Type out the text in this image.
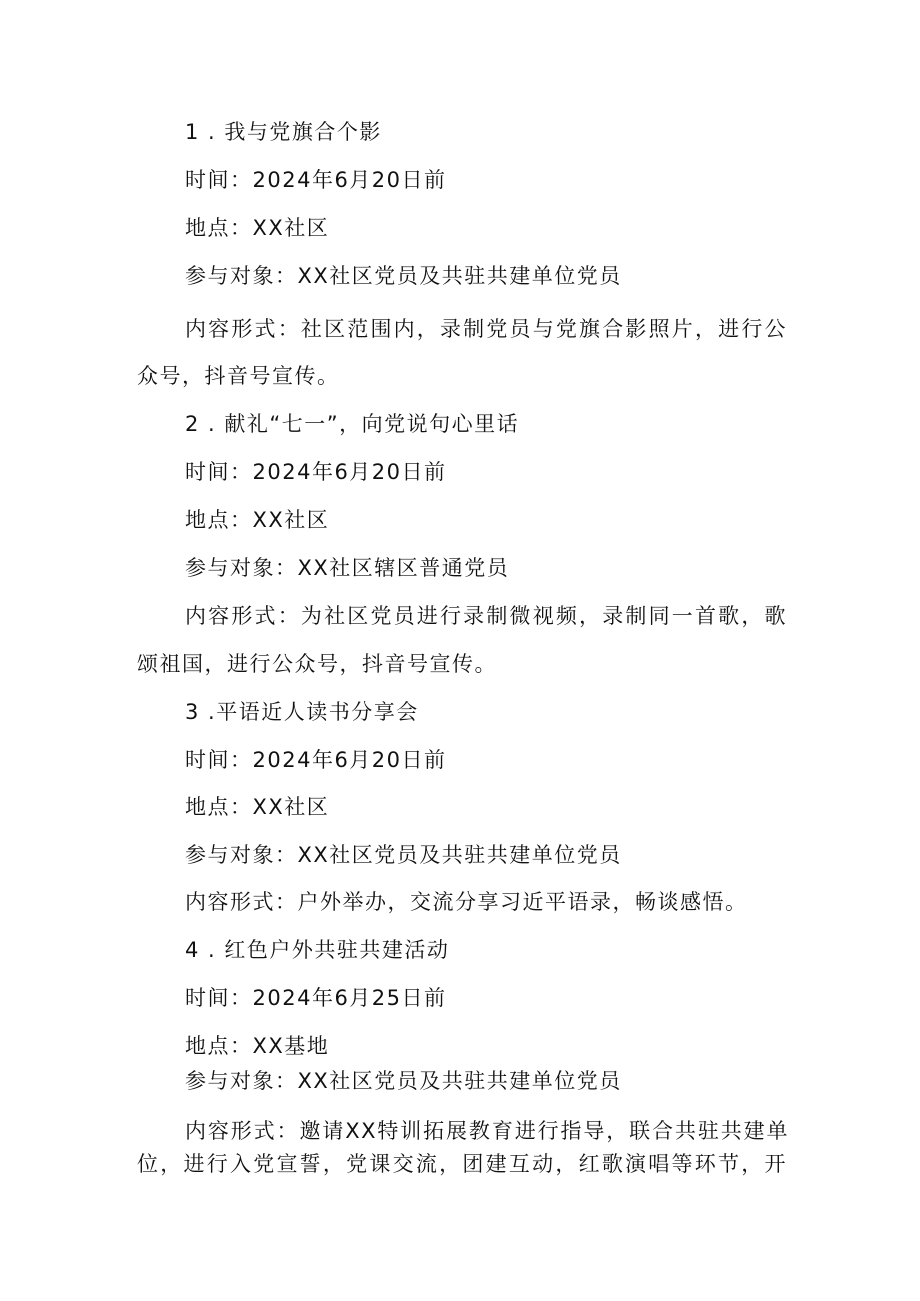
1 . 我与党旗合个影
时间：2024年6月20日前
地点：XX社区
参与对象：XX社区党员及共驻共建单位党员
内容形式：社区范围内，录制党员与党旗合影照片，进行公
众号，抖音号宣传。
2 . 献礼“七一”，向党说句心里话
时间：2024年6月20日前
地点：XX社区
参与对象：XX社区辖区普通党员
内容形式：为社区党员进行录制微视频，录制同一首歌，歌
颂祖国，进行公众号，抖音号宣传。
3 .平语近人读书分享会
时间：2024年6月20日前
地点：XX社区
参与对象：XX社区党员及共驻共建单位党员
内容形式：户外举办，交流分享习近平语录，畅谈感悟。
4 . 红色户外共驻共建活动
时间：2024年6月25日前
地点：XX基地
参与对象：XX社区党员及共驻共建单位党员
内容形式：邀请XX特训拓展教育进行指导，联合共驻共建单
位，进行入党宣誓，党课交流，团建互动，红歌演唱等环节，开
